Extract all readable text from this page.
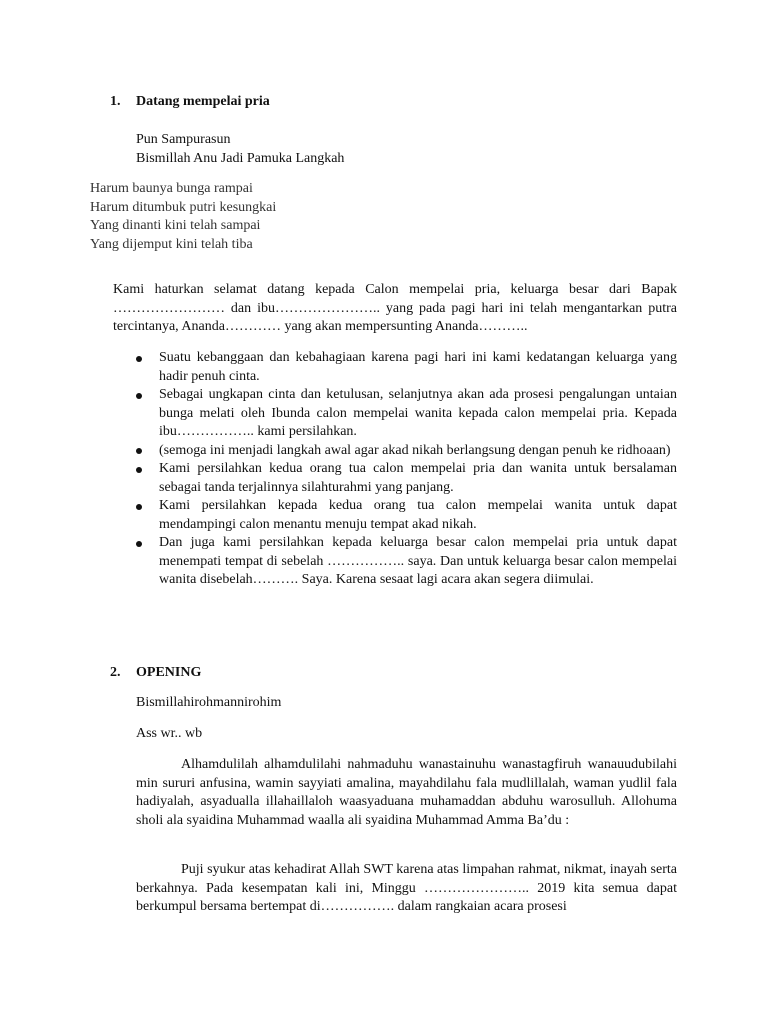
1. Datang mempelai pria
Pun Sampurasun
Bismillah Anu Jadi Pamuka Langkah
Harum baunya bunga rampai
Harum ditumbuk putri kesungkai
Yang dinanti kini telah sampai
Yang dijemput kini telah tiba

Kami haturkan selamat datang kepada Calon mempelai pria, keluarga besar dari Bapak …………………… dan ibu………………….. yang pada pagi hari ini telah mengantarkan putra tercintanya, Ananda………… yang akan mempersunting Ananda………..

Suatu kebanggaan dan kebahagiaan karena pagi hari ini kami kedatangan keluarga yang hadir penuh cinta.
Sebagai ungkapan cinta dan ketulusan, selanjutnya akan ada prosesi pengalungan untaian bunga melati oleh Ibunda calon mempelai wanita kepada calon mempelai pria. Kepada ibu…………….. kami persilahkan.
(semoga ini menjadi langkah awal agar akad nikah berlangsung dengan penuh ke ridhoaan)
Kami persilahkan kedua orang tua calon mempelai pria dan wanita untuk bersalaman sebagai tanda terjalinnya silahturahmi yang panjang.
Kami persilahkan kepada kedua orang tua calon mempelai wanita untuk dapat mendampingi calon menantu menuju tempat akad nikah.
Dan juga kami persilahkan kepada keluarga besar calon mempelai pria untuk dapat menempati tempat di sebelah …………….. saya. Dan untuk keluarga besar calon mempelai wanita disebelah………. Saya. Karena sesaat lagi acara akan segera diimulai.
2. OPENING
Bismillahirohmannirohim
Ass wr.. wb

Alhamdulilah alhamdulilahi nahmaduhu wanastainuhu wanastagfiruh wanauudubilahi min sururi anfusina, wamin sayyiati amalina, mayahdilahu fala mudlillalah, waman yudlil fala hadiyalah, asyadualla illahaillaloh waasyaduana muhamaddan abduhu warosulluh. Allohuma sholi ala syaidina Muhammad waalla ali syaidina Muhammad Amma Ba’du :

Puji syukur atas kehadirat Allah SWT karena atas limpahan rahmat, nikmat, inayah serta berkahnya. Pada kesempatan kali ini, Minggu ………………….. 2019 kita semua dapat berkumpul bersama bertempat di……………. dalam rangkaian acara prosesi
